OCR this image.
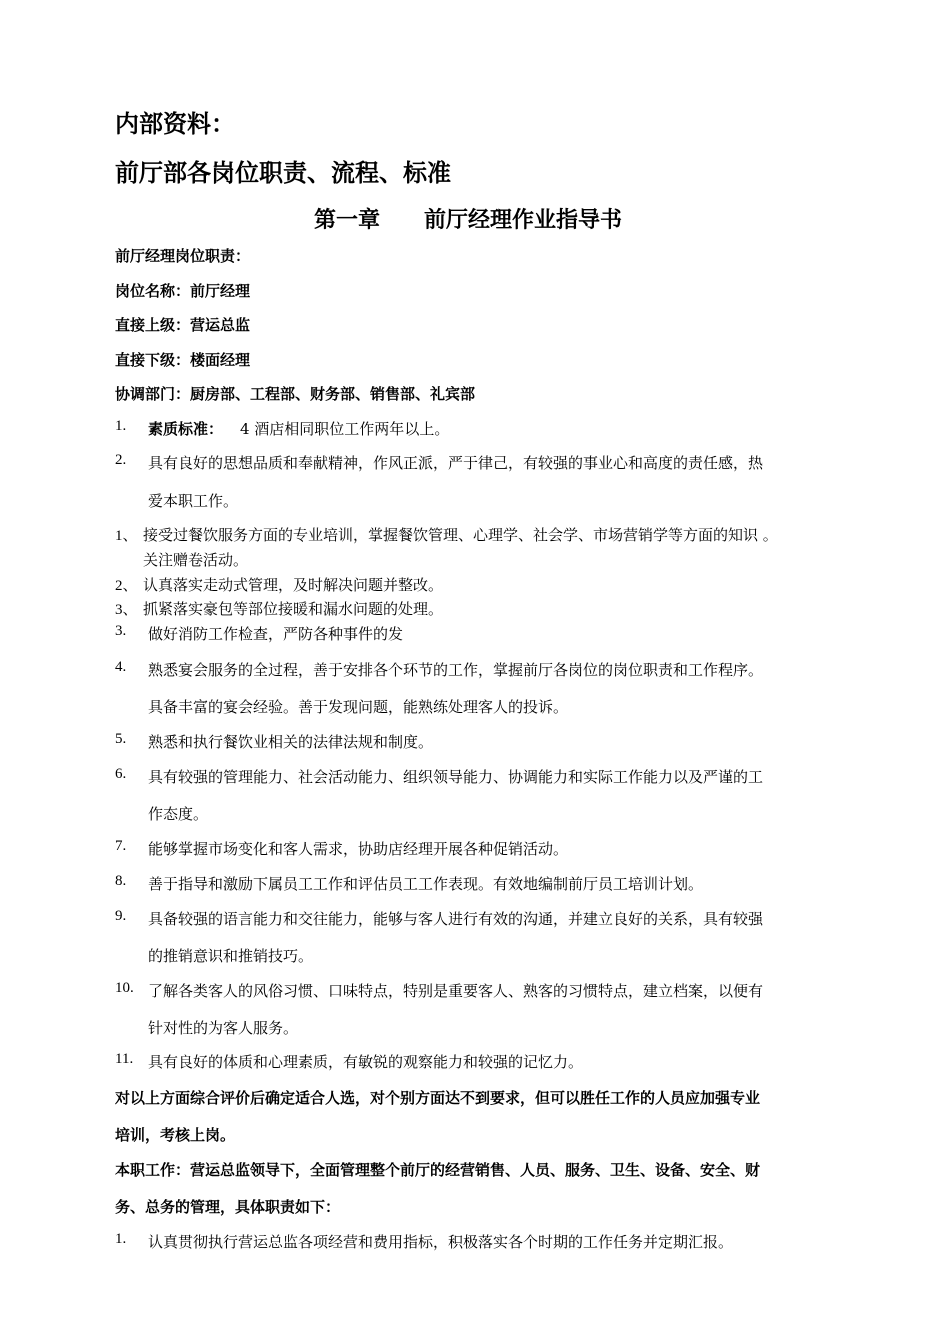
内部资料：
前厅部各岗位职责、流程、标准
第一章 前厅经理作业指导书
前厅经理岗位职责：
岗位名称：前厅经理
直接上级：营运总监
直接下级：楼面经理
协调部门：厨房部、工程部、财务部、销售部、礼宾部
1. 素质标准： 4 酒店相同职位工作两年以上。
2. 具有良好的思想品质和奉献精神，作风正派，严于律己，有较强的事业心和高度的责任感，热
爱本职工作。
1、 接受过餐饮服务方面的专业培训，掌握餐饮管理、心理学、社会学、市场营销学等方面的知识 。
关注赠卷活动。
2、 认真落实走动式管理，及时解决问题并整改。
3、 抓紧落实豪包等部位接暖和漏水问题的处理。
3. 做好消防工作检查，严防各种事件的发
4. 熟悉宴会服务的全过程，善于安排各个环节的工作，掌握前厅各岗位的岗位职责和工作程序。
具备丰富的宴会经验。善于发现问题，能熟练处理客人的投诉。
5. 熟悉和执行餐饮业相关的法律法规和制度。
6. 具有较强的管理能力、社会活动能力、组织领导能力、协调能力和实际工作能力以及严谨的工
作态度。
7. 能够掌握市场变化和客人需求，协助店经理开展各种促销活动。
8. 善于指导和激励下属员工工作和评估员工工作表现。有效地编制前厅员工培训计划。
9. 具备较强的语言能力和交往能力，能够与客人进行有效的沟通，并建立良好的关系，具有较强
的推销意识和推销技巧。
10. 了解各类客人的风俗习惯、口味特点，特别是重要客人、熟客的习惯特点，建立档案，以便有
针对性的为客人服务。
11. 具有良好的体质和心理素质，有敏锐的观察能力和较强的记忆力。
对以上方面综合评价后确定适合人选，对个别方面达不到要求，但可以胜任工作的人员应加强专业
培训，考核上岗。
本职工作：营运总监领导下，全面管理整个前厅的经营销售、人员、服务、卫生、设备、安全、财
务、总务的管理，具体职责如下：
1. 认真贯彻执行营运总监各项经营和费用指标，积极落实各个时期的工作任务并定期汇报。
